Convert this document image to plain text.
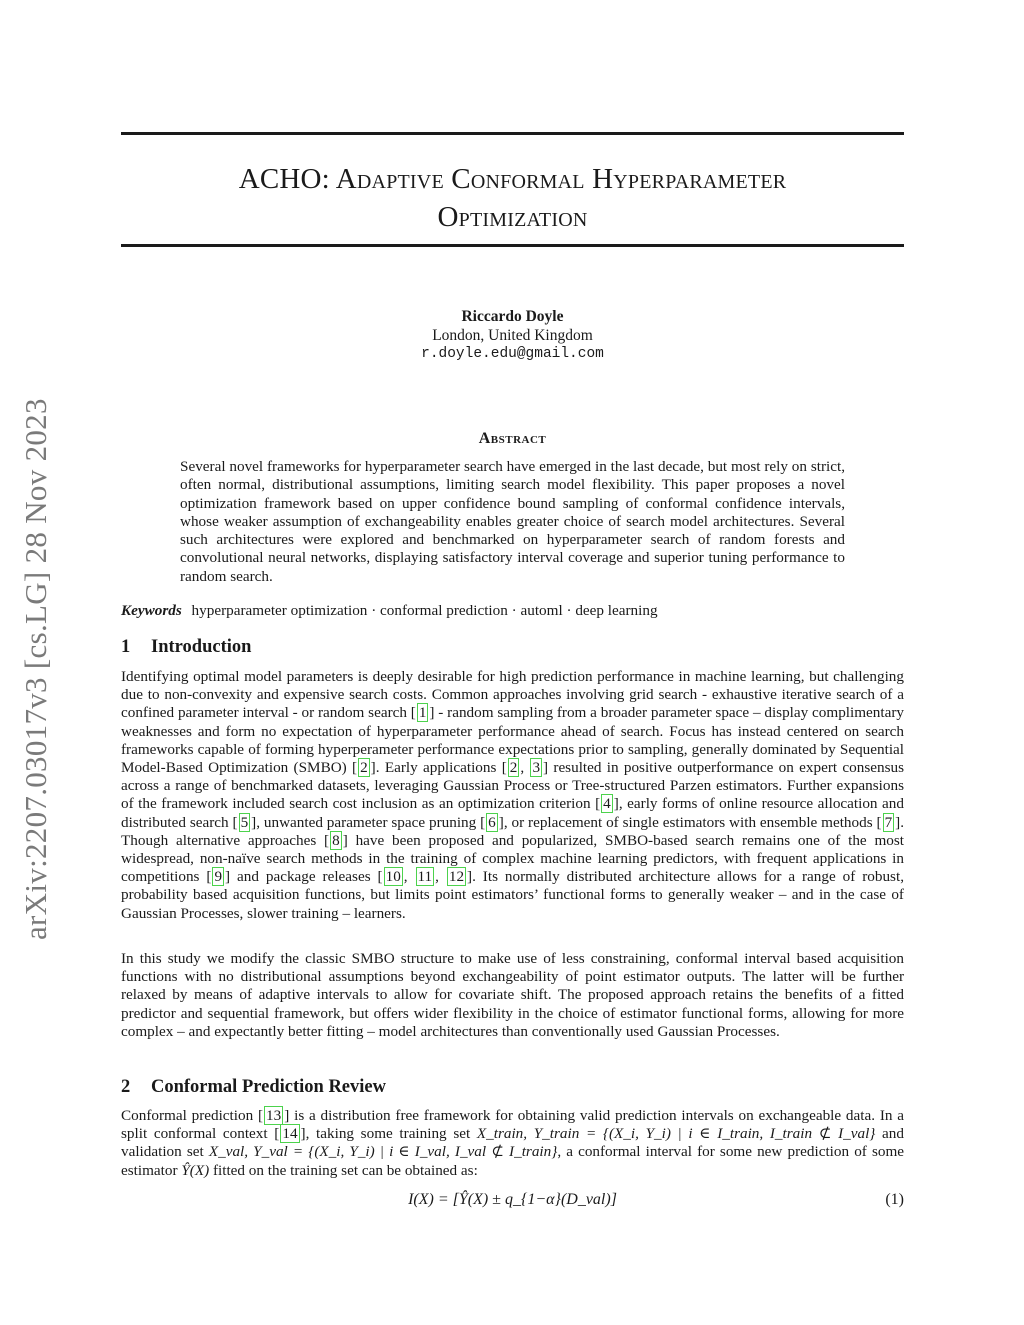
arXiv:2207.03017v3 [cs.LG] 28 Nov 2023
ACHO: Adaptive Conformal Hyperparameter
Optimization
Riccardo Doyle
London, United Kingdom
r.doyle.edu@gmail.com
Abstract
Several novel frameworks for hyperparameter search have emerged in the last decade, but most rely on strict, often normal, distributional assumptions, limiting search model flexibility. This paper proposes a novel optimization framework based on upper confidence bound sampling of conformal confidence intervals, whose weaker assumption of exchangeability enables greater choice of search model architectures. Several such architectures were explored and benchmarked on hyperparameter search of random forests and convolutional neural networks, displaying satisfactory interval coverage and superior tuning performance to random search.
Keywords hyperparameter optimization · conformal prediction · automl · deep learning
1 Introduction
Identifying optimal model parameters is deeply desirable for high prediction performance in machine learning, but challenging due to non-convexity and expensive search costs. Common approaches involving grid search - exhaustive iterative search of a confined parameter interval - or random search [ 1 ] - random sampling from a broader parameter space – display complimentary weaknesses and form no expectation of hyperparameter performance ahead of search. Focus has instead centered on search frameworks capable of forming hyperperameter performance expectations prior to sampling, generally dominated by Sequential Model-Based Optimization (SMBO) [ 2 ]. Early applications [ 2 , 3 ] resulted in positive outperformance on expert consensus across a range of benchmarked datasets, leveraging Gaussian Process or Tree-structured Parzen estimators. Further expansions of the framework included search cost inclusion as an optimization criterion [ 4 ], early forms of online resource allocation and distributed search [ 5 ], unwanted parameter space pruning [ 6 ], or replacement of single estimators with ensemble methods [ 7 ]. Though alternative approaches [ 8 ] have been proposed and popularized, SMBO-based search remains one of the most widespread, non-naïve search methods in the training of complex machine learning predictors, with frequent applications in competitions [ 9 ] and package releases [ 10 , 11 , 12 ]. Its normally distributed architecture allows for a range of robust, probability based acquisition functions, but limits point estimators’ functional forms to generally weaker – and in the case of Gaussian Processes, slower training – learners.
In this study we modify the classic SMBO structure to make use of less constraining, conformal interval based acquisition functions with no distributional assumptions beyond exchangeability of point estimator outputs. The latter will be further relaxed by means of adaptive intervals to allow for covariate shift. The proposed approach retains the benefits of a fitted predictor and sequential framework, but offers wider flexibility in the choice of estimator functional forms, allowing for more complex – and expectantly better fitting – model architectures than conventionally used Gaussian Processes.
2 Conformal Prediction Review
Conformal prediction [ 13 ] is a distribution free framework for obtaining valid prediction intervals on exchangeable data. In a split conformal context [ 14 ], taking some training set X_train, Y_train = {(X_i, Y_i) | i ∈ I_train, I_train ⊄ I_val} and validation set X_val, Y_val = {(X_i, Y_i) | i ∈ I_val, I_val ⊄ I_train}, a conformal interval for some new prediction of some estimator Ŷ(X) fitted on the training set can be obtained as:
I(X) = [Ŷ(X) ± q_{1−α}(D_val)]	(1)
